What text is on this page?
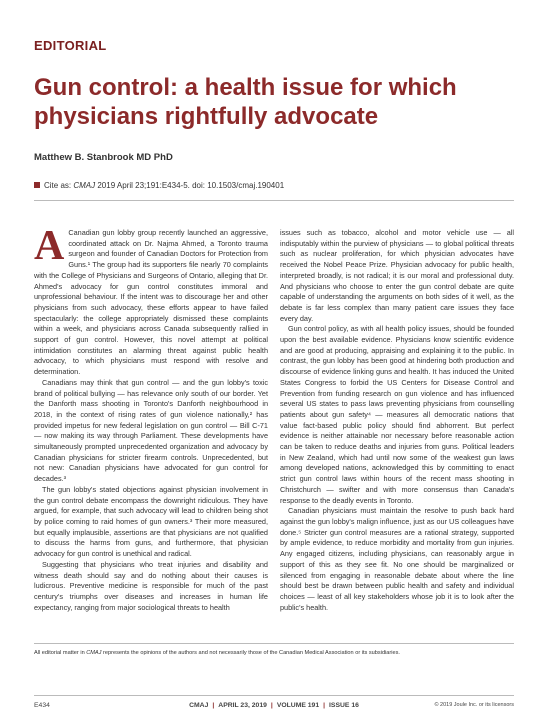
EDITORIAL
Gun control: a health issue for which physicians rightfully advocate
Matthew B. Stanbrook MD PhD
Cite as: CMAJ 2019 April 23;191:E434-5. doi: 10.1503/cmaj.190401

A Canadian gun lobby group recently launched an aggressive, coordinated attack on Dr. Najma Ahmed, a Toronto trauma surgeon and founder of Canadian Doctors for Protection from Guns.¹ The group had its supporters file nearly 70 complaints with the College of Physicians and Surgeons of Ontario, alleging that Dr. Ahmed's advocacy for gun control constitutes immoral and unprofessional behaviour. If the intent was to discourage her and other physicians from such advocacy, these efforts appear to have failed spectacularly: the college appropriately dismissed these complaints within a week, and physicians across Canada subsequently rallied in support of gun control. However, this novel attempt at political intimidation constitutes an alarming threat against public health advocacy, to which physicians must respond with resolve and determination.

Canadians may think that gun control — and the gun lobby's toxic brand of political bullying — has relevance only south of our border. Yet the Danforth mass shooting in Toronto's Danforth neighbourhood in 2018, in the context of rising rates of gun violence nationally,² has provided impetus for new federal legislation on gun control — Bill C-71 — now making its way through Parliament. These developments have simultaneously prompted unprecedented organization and advocacy by Canadian physicians for stricter firearm controls. Unprecedented, but not new: Canadian physicians have advocated for gun control for decades.³

The gun lobby's stated objections against physician involvement in the gun control debate encompass the downright ridiculous. They have argued, for example, that such advocacy will lead to children being shot by police coming to raid homes of gun owners.³ Their more measured, but equally implausible, assertions are that physicians are not qualified to discuss the harms from guns, and furthermore, that physician advocacy for gun control is unethical and radical.

Suggesting that physicians who treat injuries and disability and witness death should say and do nothing about their causes is ludicrous. Preventive medicine is responsible for much of the past century's triumphs over diseases and increases in human life expectancy, ranging from major sociological threats to health

issues such as tobacco, alcohol and motor vehicle use — all indisputably within the purview of physicians — to global political threats such as nuclear proliferation, for which physician advocates have received the Nobel Peace Prize. Physician advocacy for public health, interpreted broadly, is not radical; it is our moral and professional duty. And physicians who choose to enter the gun control debate are quite capable of understanding the arguments on both sides of it well, as the debate is far less complex than many patient care issues they face every day.

Gun control policy, as with all health policy issues, should be founded upon the best available evidence. Physicians know scientific evidence and are good at producing, appraising and explaining it to the public. In contrast, the gun lobby has been good at hindering both production and discourse of evidence linking guns and health. It has induced the United States Congress to forbid the US Centers for Disease Control and Prevention from funding research on gun violence and has influenced several US states to pass laws preventing physicians from counselling patients about gun safety⁴ — measures all democratic nations that value fact-based public policy should find abhorrent. But perfect evidence is neither attainable nor necessary before reasonable action can be taken to reduce deaths and injuries from guns. Political leaders in New Zealand, which had until now some of the weakest gun laws among developed nations, acknowledged this by committing to enact strict gun control laws within hours of the recent mass shooting in Christchurch — swifter and with more consensus than Canada's response to the deadly events in Toronto.

Canadian physicians must maintain the resolve to push back hard against the gun lobby's malign influence, just as our US colleagues have done.⁵ Stricter gun control measures are a rational strategy, supported by ample evidence, to reduce morbidity and mortality from gun injuries. Any engaged citizens, including physicians, can reasonably argue in support of this as they see fit. No one should be marginalized or silenced from engaging in reasonable debate about where the line should best be drawn between public health and safety and individual choices — least of all key stakeholders whose job it is to look after the public's health.

All editorial matter in CMAJ represents the opinions of the authors and not necessarily those of the Canadian Medical Association or its subsidiaries.
E434	CMAJ | APRIL 23, 2019 | VOLUME 191 | ISSUE 16	© 2019 Joule Inc. or its licensors
